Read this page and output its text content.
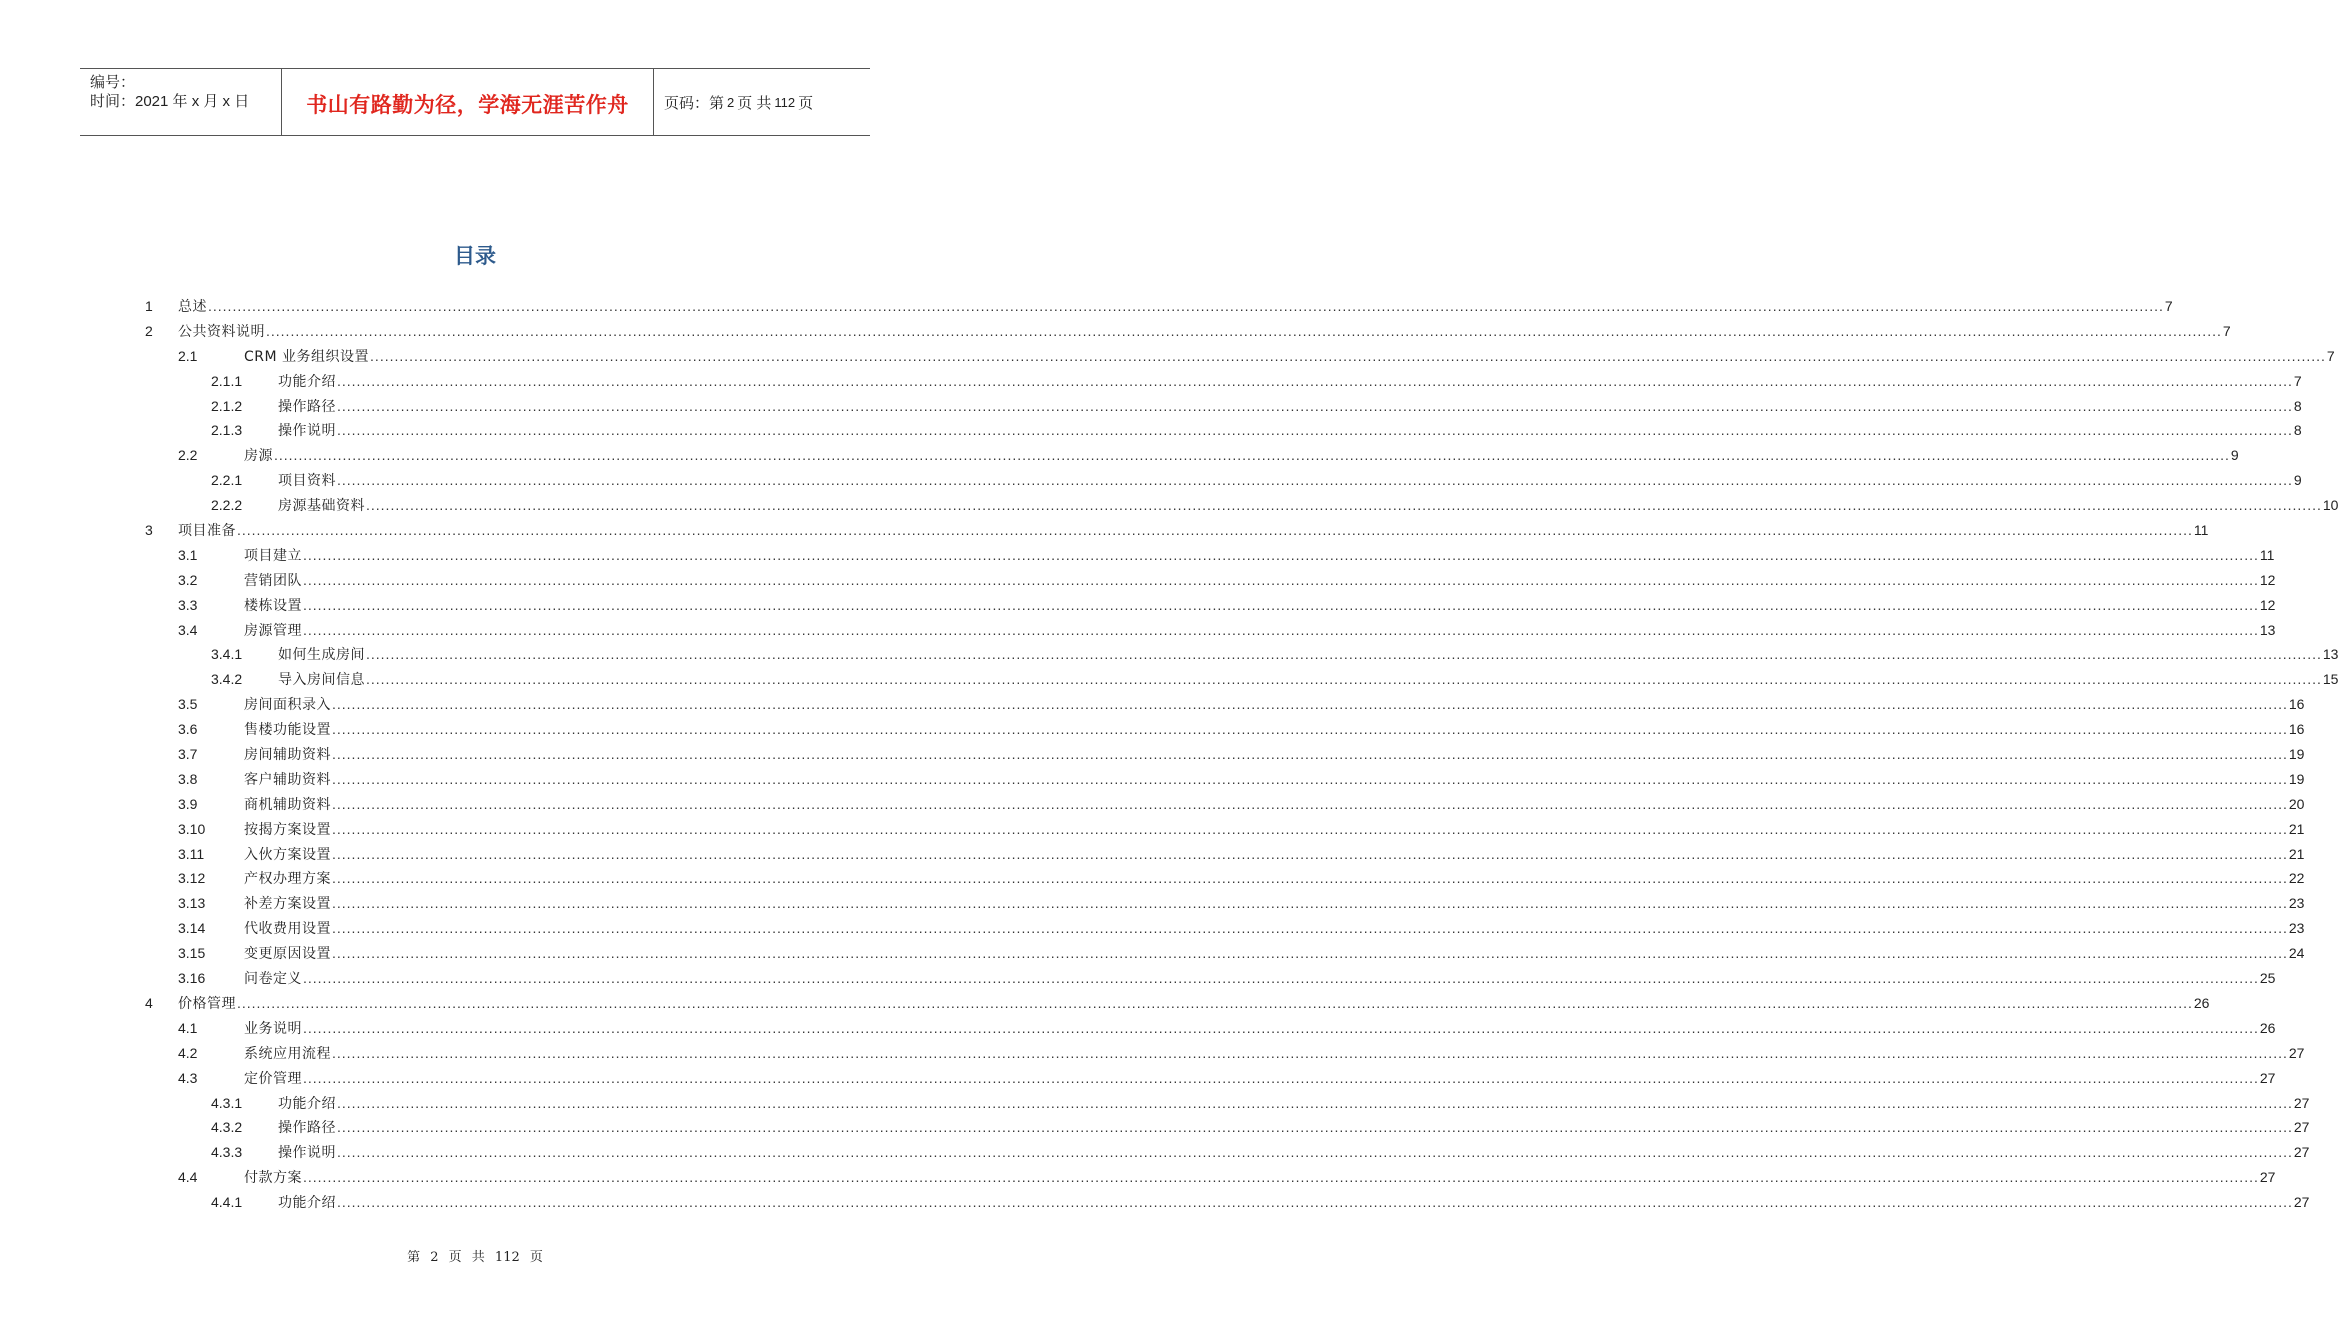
编号：
时间：2021 年 x 月 x 日	书山有路勤为径，学海无涯苦作舟 页码：第 2 页 共 112 页
目录
1 总述 ................................................................................................................................................................................................................................................................................................................................................................................................................ 7
2 公共资料说明 ................................................................................................................................................................................................................................................................................................................................................................................................................ 7
2.1	CRM 业务组织设置 ................................................................................................................................................................................................................................................................................................................................................................................................................ 7
2.1.1	功能介绍 ................................................................................................................................................................................................................................................................................................................................................................................................................ 7
2.1.2	操作路径 ................................................................................................................................................................................................................................................................................................................................................................................................................ 8
2.1.3	操作说明 ................................................................................................................................................................................................................................................................................................................................................................................................................ 8
2.2	房源 ................................................................................................................................................................................................................................................................................................................................................................................................................ 9
2.2.1	项目资料 ................................................................................................................................................................................................................................................................................................................................................................................................................ 9
2.2.2	房源基础资料 ................................................................................................................................................................................................................................................................................................................................................................................................................ 10
3 项目准备 ................................................................................................................................................................................................................................................................................................................................................................................................................ 11
3.1	项目建立 ................................................................................................................................................................................................................................................................................................................................................................................................................ 11
3.2	营销团队 ................................................................................................................................................................................................................................................................................................................................................................................................................ 12
3.3	楼栋设置 ................................................................................................................................................................................................................................................................................................................................................................................................................ 12
3.4	房源管理 ................................................................................................................................................................................................................................................................................................................................................................................................................ 13
3.4.1	如何生成房间 ................................................................................................................................................................................................................................................................................................................................................................................................................ 13
3.4.2	导入房间信息 ................................................................................................................................................................................................................................................................................................................................................................................................................ 15
3.5	房间面积录入 ................................................................................................................................................................................................................................................................................................................................................................................................................ 16
3.6	售楼功能设置 ................................................................................................................................................................................................................................................................................................................................................................................................................ 16
3.7	房间辅助资料 ................................................................................................................................................................................................................................................................................................................................................................................................................ 19
3.8	客户辅助资料 ................................................................................................................................................................................................................................................................................................................................................................................................................ 19
3.9	商机辅助资料 ................................................................................................................................................................................................................................................................................................................................................................................................................ 20
3.10	按揭方案设置 ................................................................................................................................................................................................................................................................................................................................................................................................................ 21
3.11	入伙方案设置 ................................................................................................................................................................................................................................................................................................................................................................................................................ 21
3.12	产权办理方案 ................................................................................................................................................................................................................................................................................................................................................................................................................ 22
3.13	补差方案设置 ................................................................................................................................................................................................................................................................................................................................................................................................................ 23
3.14	代收费用设置 ................................................................................................................................................................................................................................................................................................................................................................................................................ 23
3.15	变更原因设置 ................................................................................................................................................................................................................................................................................................................................................................................................................ 24
3.16	问卷定义 ................................................................................................................................................................................................................................................................................................................................................................................................................ 25
4 价格管理 ................................................................................................................................................................................................................................................................................................................................................................................................................ 26
4.1	业务说明 ................................................................................................................................................................................................................................................................................................................................................................................................................ 26
4.2	系统应用流程 ................................................................................................................................................................................................................................................................................................................................................................................................................ 27
4.3	定价管理 ................................................................................................................................................................................................................................................................................................................................................................................................................ 27
4.3.1	功能介绍 ................................................................................................................................................................................................................................................................................................................................................................................................................ 27
4.3.2	操作路径 ................................................................................................................................................................................................................................................................................................................................................................................................................ 27
4.3.3	操作说明 ................................................................................................................................................................................................................................................................................................................................................................................................................ 27
4.4	付款方案 ................................................................................................................................................................................................................................................................................................................................................................................................................ 27
4.4.1	功能介绍 ................................................................................................................................................................................................................................................................................................................................................................................................................ 27
第 2 页 共 112 页
